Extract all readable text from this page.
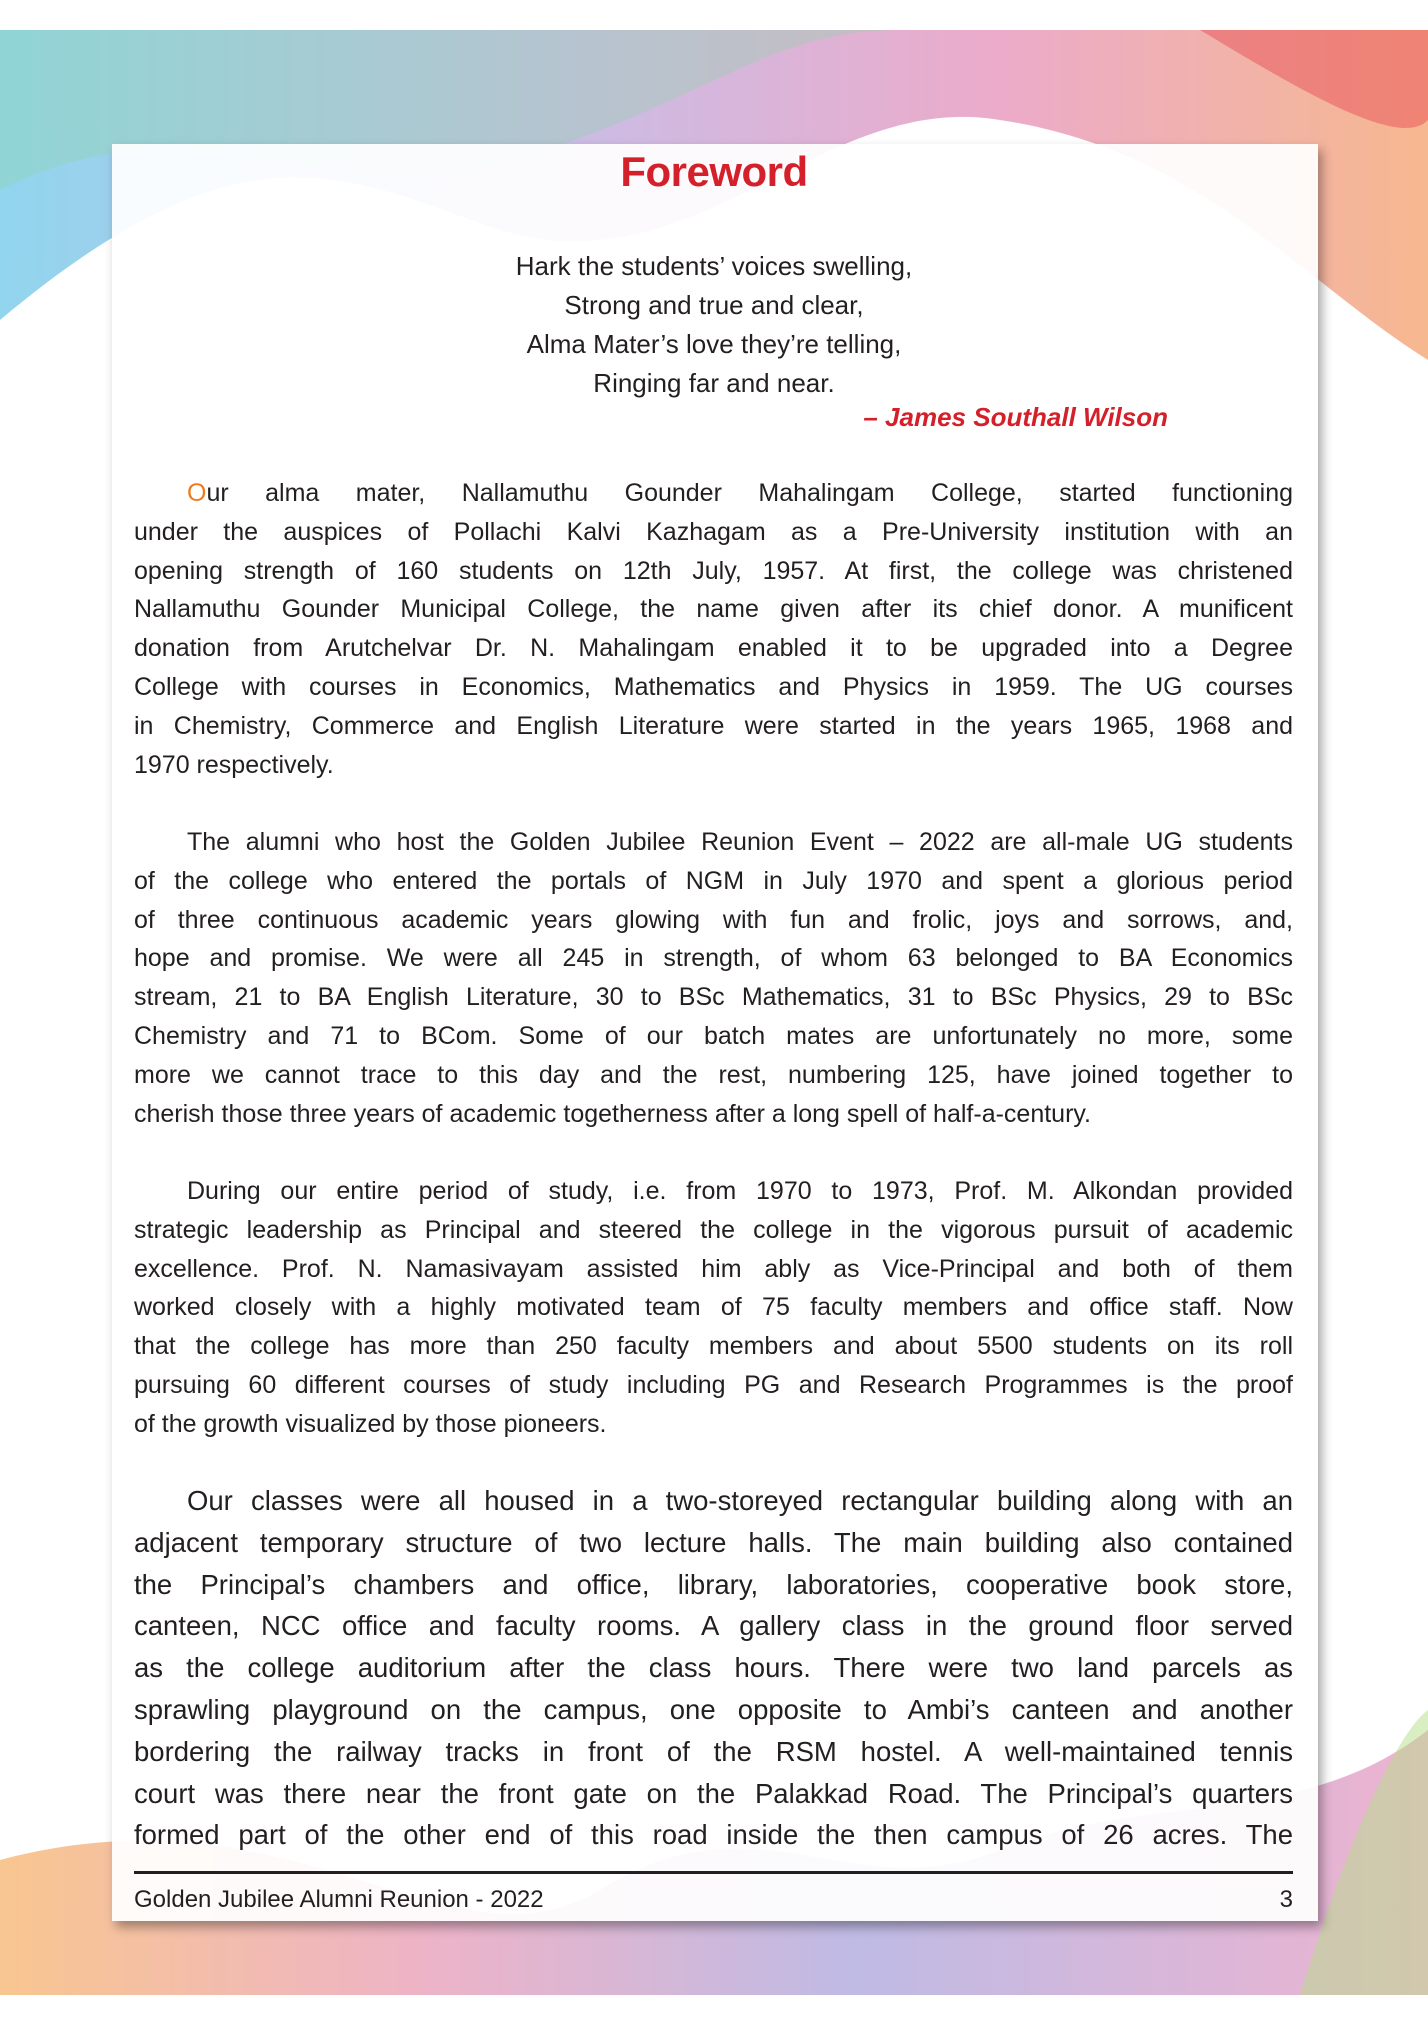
Foreword
Hark the students’ voices swelling,
Strong and true and clear,
Alma Mater’s love they’re telling,
Ringing far and near.
– James Southall Wilson
Our alma mater, Nallamuthu Gounder Mahalingam College, started functioning
under the auspices of Pollachi Kalvi Kazhagam as a Pre-University institution with an
opening strength of 160 students on 12th July, 1957. At first, the college was christened
Nallamuthu Gounder Municipal College, the name given after its chief donor. A munificent
donation from Arutchelvar Dr. N. Mahalingam enabled it to be upgraded into a Degree
College with courses in Economics, Mathematics and Physics in 1959. The UG courses
in Chemistry, Commerce and English Literature were started in the years 1965, 1968 and
1970 respectively.
The alumni who host the Golden Jubilee Reunion Event – 2022 are all-male UG students
of the college who entered the portals of NGM in July 1970 and spent a glorious period
of three continuous academic years glowing with fun and frolic, joys and sorrows, and,
hope and promise. We were all 245 in strength, of whom 63 belonged to BA Economics
stream, 21 to BA English Literature, 30 to BSc Mathematics, 31 to BSc Physics, 29 to BSc
Chemistry and 71 to BCom. Some of our batch mates are unfortunately no more, some
more we cannot trace to this day and the rest, numbering 125, have joined together to
cherish those three years of academic togetherness after a long spell of half-a-century.
During our entire period of study, i.e. from 1970 to 1973, Prof. M. Alkondan provided
strategic leadership as Principal and steered the college in the vigorous pursuit of academic
excellence. Prof. N. Namasivayam assisted him ably as Vice-Principal and both of them
worked closely with a highly motivated team of 75 faculty members and office staff. Now
that the college has more than 250 faculty members and about 5500 students on its roll
pursuing 60 different courses of study including PG and Research Programmes is the proof
of the growth visualized by those pioneers.
Our classes were all housed in a two-storeyed rectangular building along with an
adjacent temporary structure of two lecture halls. The main building also contained
the Principal’s chambers and office, library, laboratories, cooperative book store,
canteen, NCC office and faculty rooms. A gallery class in the ground floor served
as the college auditorium after the class hours. There were two land parcels as
sprawling playground on the campus, one opposite to Ambi’s canteen and another
bordering the railway tracks in front of the RSM hostel. A well-maintained tennis
court was there near the front gate on the Palakkad Road. The Principal’s quarters
formed part of the other end of this road inside the then campus of 26 acres. The
Golden Jubilee Alumni Reunion - 2022	3
